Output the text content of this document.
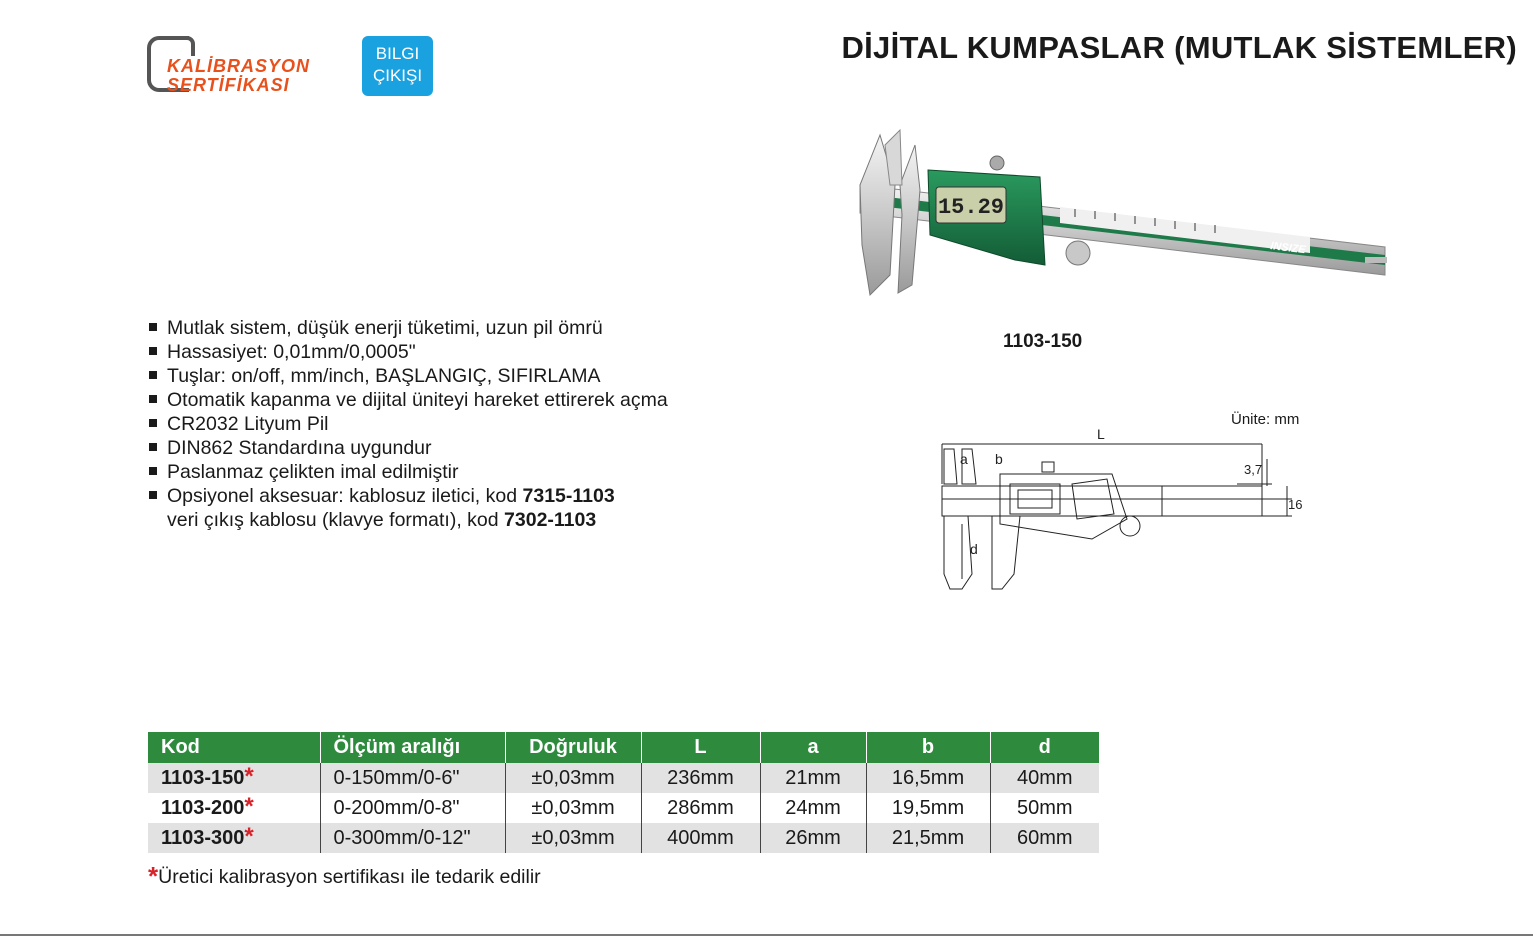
KALİBRASYON
SERTİFİKASI
BILGI
ÇIKIŞI
DİJİTAL KUMPASLAR (MUTLAK SİSTEMLER)
15.29
INSIZE
1103-150
Mutlak sistem, düşük enerji tüketimi, uzun pil ömrü
Hassasiyet: 0,01mm/0,0005"
Tuşlar: on/off, mm/inch, BAŞLANGIÇ, SIFIRLAMA
Otomatik kapanma ve dijital üniteyi hareket ettirerek açma
CR2032 Lityum Pil
DIN862 Standardına uygundur
Paslanmaz çelikten imal edilmiştir
Opsiyonel aksesuar: kablosuz iletici, kod 7315-1103
veri çıkış kablosu (klavye formatı), kod 7302-1103
Ünite: mm
L
a b
d
3,7
16
Kod	Ölçüm aralığı	Doğruluk	L	a	b	d
1103-150*	0-150mm/0-6"	±0,03mm	236mm	21mm	16,5mm	40mm
1103-200*	0-200mm/0-8"	±0,03mm	286mm	24mm	19,5mm	50mm
1103-300*	0-300mm/0-12"	±0,03mm	400mm	26mm	21,5mm	60mm
*Üretici kalibrasyon sertifikası ile tedarik edilir
